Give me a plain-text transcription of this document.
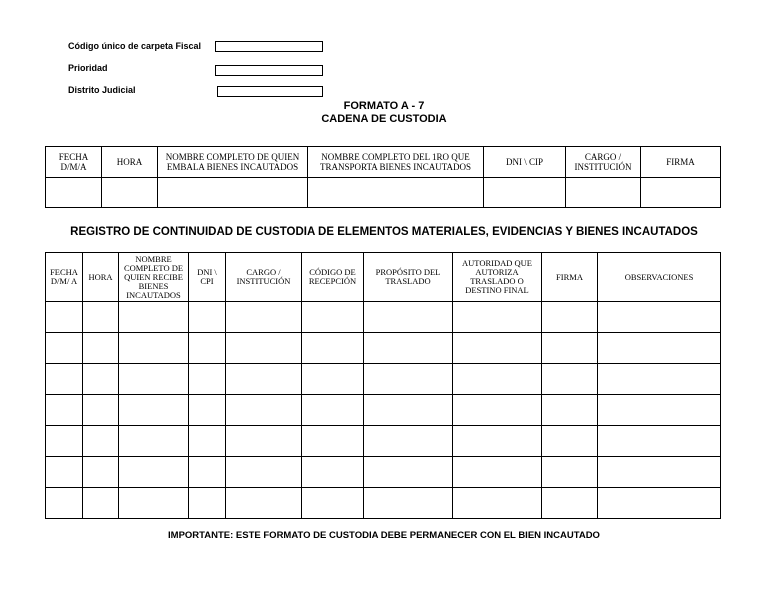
Código único de carpeta Fiscal
Prioridad
Distrito Judicial
FORMATO A - 7
CADENA DE CUSTODIA
FECHA D/M/A	HORA	NOMBRE COMPLETO DE QUIEN EMBALA BIENES INCAUTADOS	NOMBRE COMPLETO DEL 1RO QUE TRANSPORTA BIENES INCAUTADOS	DNI \ CIP	CARGO / INSTITUCIÓN	FIRMA

REGISTRO DE CONTINUIDAD DE CUSTODIA DE ELEMENTOS MATERIALES, EVIDENCIAS Y BIENES INCAUTADOS
FECHA D/M/ A	HORA	NOMBRE COMPLETO DE QUIEN RECIBE BIENES INCAUTADOS	DNI \ CPI	CARGO / INSTITUCIÓN	CÓDIGO DE RECEPCIÓN	PROPÓSITO DEL TRASLADO	AUTORIDAD QUE AUTORIZA TRASLADO O DESTINO FINAL	FIRMA	OBSERVACIONES

IMPORTANTE: ESTE FORMATO DE CUSTODIA DEBE PERMANECER CON EL BIEN INCAUTADO
